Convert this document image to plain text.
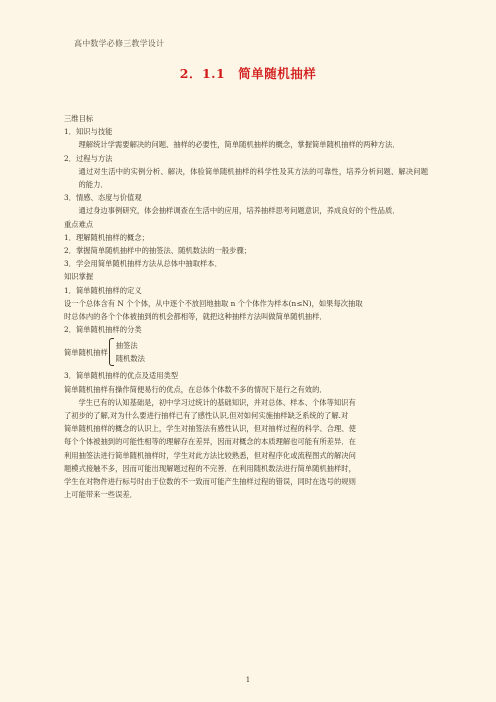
高中数学必修三教学设计
2．1.1　简单随机抽样
三维目标
1．知识与技能
理解统计学需要解决的问题、抽样的必要性，简单随机抽样的概念，掌握简单随机抽样的两种方法．
2．过程与方法
通过对生活中的实例分析、解决，体验简单随机抽样的科学性及其方法的可靠性，培养分析问题、解决问题的能力．
3．情感、态度与价值观
通过身边事例研究，体会抽样调查在生活中的应用，培养抽样思考问题意识，养成良好的个性品质．
重点难点
1．理解随机抽样的概念；
2．掌握简单随机抽样中的抽签法、随机数法的一般步骤；
3．学会用简单随机抽样方法从总体中抽取样本．
知识掌握
1．简单随机抽样的定义
设一个总体含有 N 个个体，从中逐个不放回地抽取 n 个个体作为样本(n≤N)，如果每次抽取
时总体内的各个个体被抽到的机会都相等，就把这种抽样方法叫做简单随机抽样．
2．简单随机抽样的分类
简单随机抽样
抽签法
随机数法
3．简单随机抽样的优点及适用类型
简单随机抽样有操作简便易行的优点，在总体个体数不多的情况下是行之有效的．
学生已有的认知基础是，初中学习过统计的基础知识，并对总体、样本、个体等知识有
了初步的了解,对为什么要进行抽样已有了感性认识,但对如何实施抽样缺乏系统的了解.对
简单随机抽样的概念的认识上，学生对抽签法有感性认识，但对抽样过程的科学、合理、使
每个个体被抽到的可能性相等的理解存在差异，因而对概念的本质理解也可能有所差异．在
利用抽签法进行简单随机抽样时，学生对此方法比较熟悉，但对程序化或流程图式的解决问
题模式接触不多，因而可能出现解题过程的不完善．在利用随机数法进行简单随机抽样时，
学生在对物件进行标号时由于位数的不一致而可能产生抽样过程的错误，同时在选号的规则
上可能带来一些误差．
1
